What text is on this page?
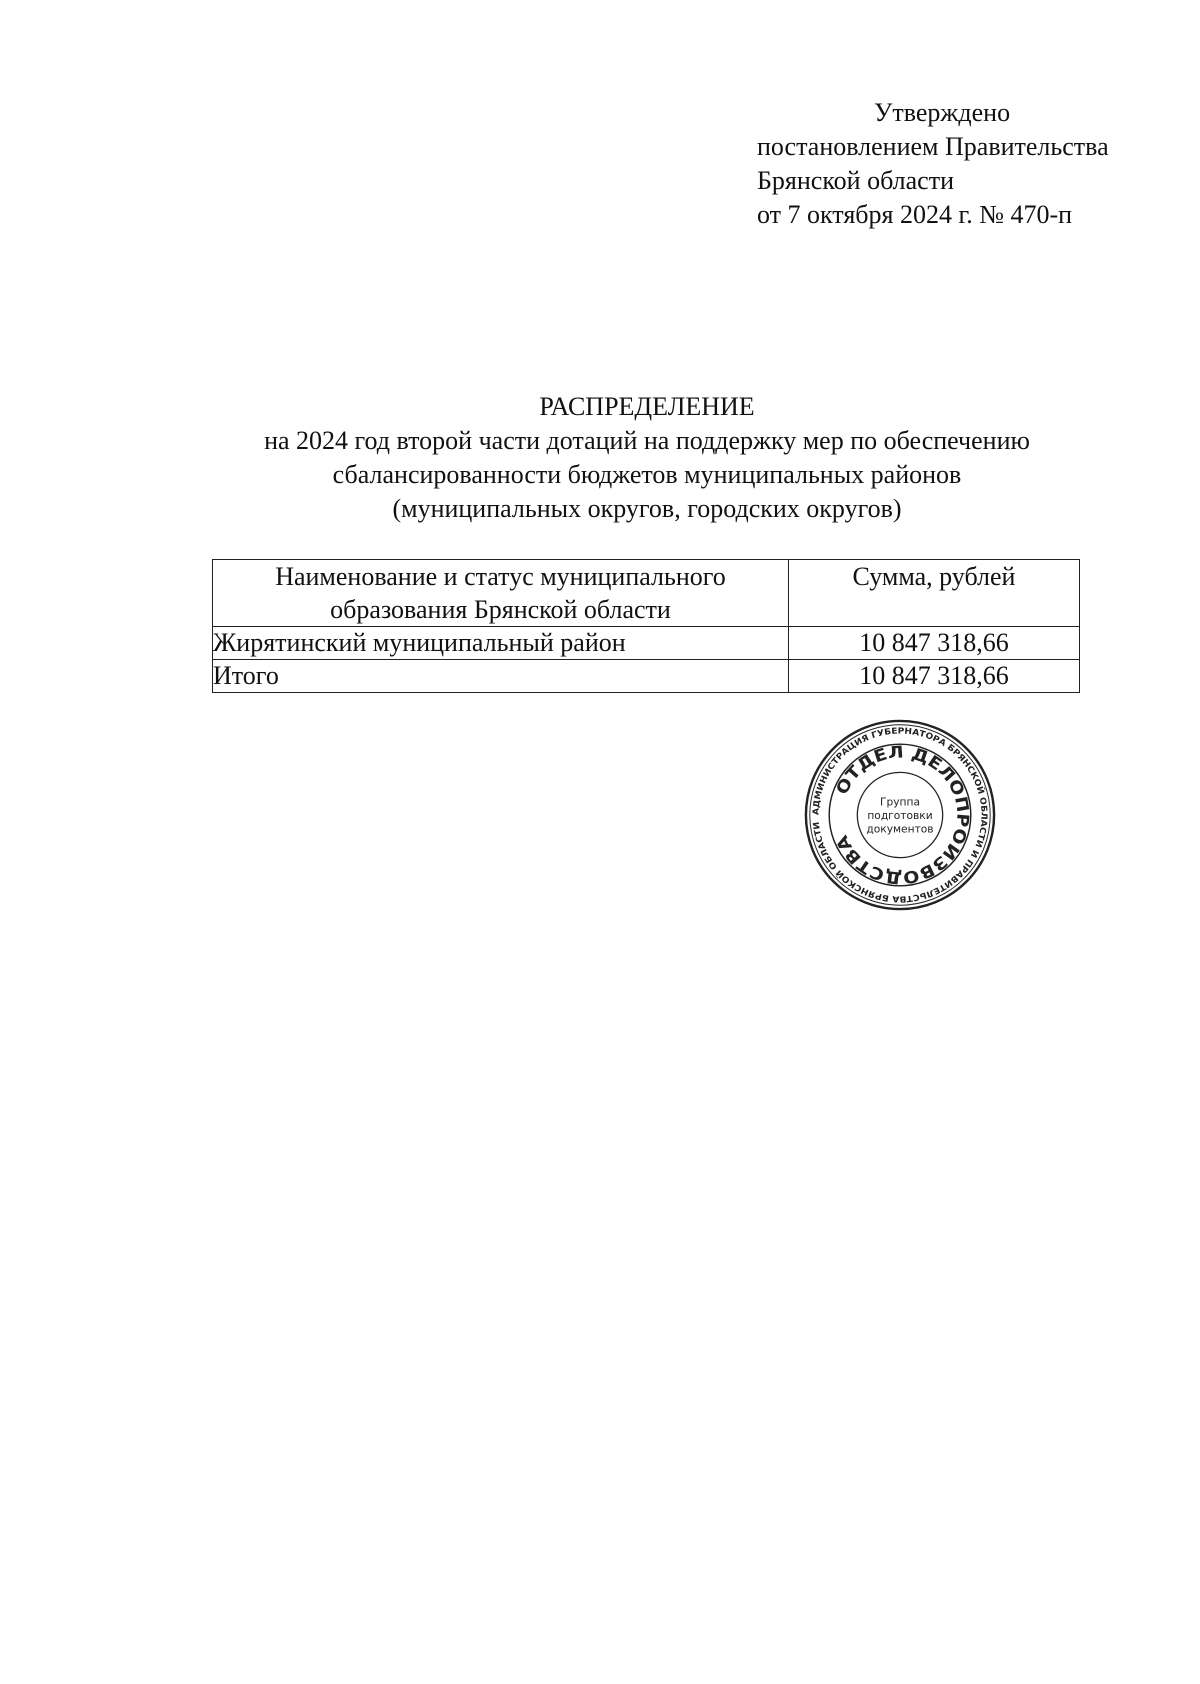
Утверждено
постановлением Правительства
Брянской области
от 7 октября 2024 г. № 470-п
РАСПРЕДЕЛЕНИЕ
на 2024 год второй части дотаций на поддержку мер по обеспечению
сбалансированности бюджетов муниципальных районов
(муниципальных округов, городских округов)
Наименование и статус муниципального
образования Брянской области	Сумма, рублей
Жирятинский муниципальный район	10 847 318,66
Итого	10 847 318,66
АДМИНИСТРАЦИЯ ГУБЕРНАТОРА БРЯНСКОЙ ОБЛАСТИ И ПРАВИТЕЛЬСТВА БРЯНСКОЙ ОБЛАСТИ
ОТДЕЛ ДЕЛОПРОИЗВОДСТВА
Группа
подготовки
документов
